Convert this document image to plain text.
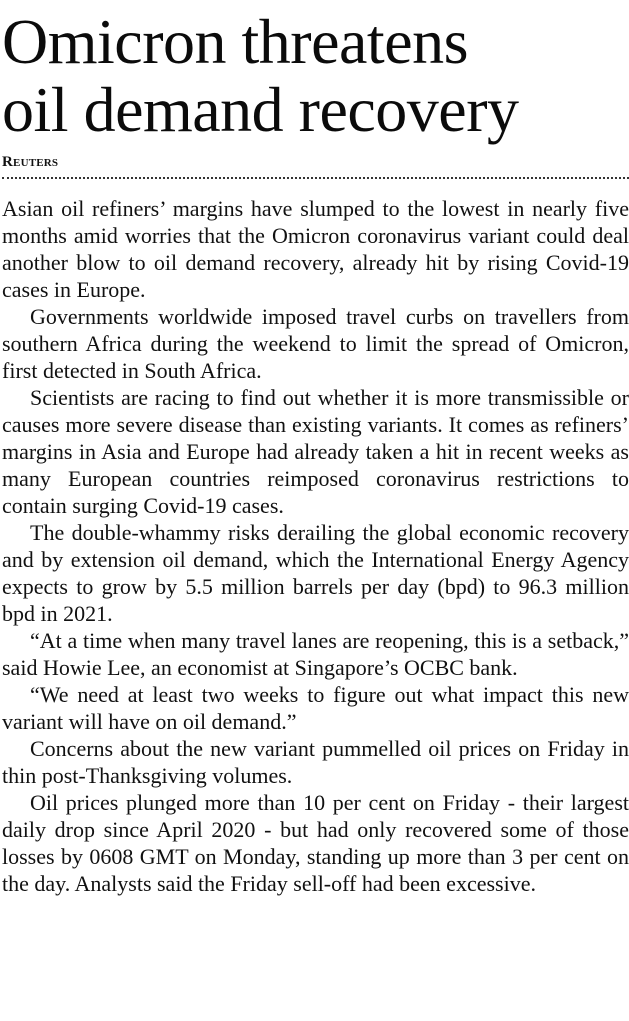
Omicron threatens
oil demand recovery
Reuters

Asian oil refiners’ margins have slumped to the lowest in nearly five months amid worries that the Omicron coronavirus variant could deal another blow to oil demand recovery, already hit by rising Covid-19 cases in Europe.

Governments worldwide imposed travel curbs on travellers from southern Africa during the weekend to limit the spread of Omicron, first detected in South Africa.

Scientists are racing to find out whether it is more transmissible or causes more severe disease than existing variants. It comes as refiners’ margins in Asia and Europe had already taken a hit in recent weeks as many European countries reimposed coronavirus restrictions to contain surging Covid-19 cases.

The double-whammy risks derailing the global economic recovery and by extension oil demand, which the International Energy Agency expects to grow by 5.5 million barrels per day (bpd) to 96.3 million bpd in 2021.

“At a time when many travel lanes are reopening, this is a setback,” said Howie Lee, an economist at Singapore’s OCBC bank.

“We need at least two weeks to figure out what impact this new variant will have on oil demand.”

Concerns about the new variant pummelled oil prices on Friday in thin post-Thanksgiving volumes.

Oil prices plunged more than 10 per cent on Friday - their largest daily drop since April 2020 - but had only recovered some of those losses by 0608 GMT on Monday, standing up more than 3 per cent on the day. Analysts said the Friday sell-off had been excessive.
